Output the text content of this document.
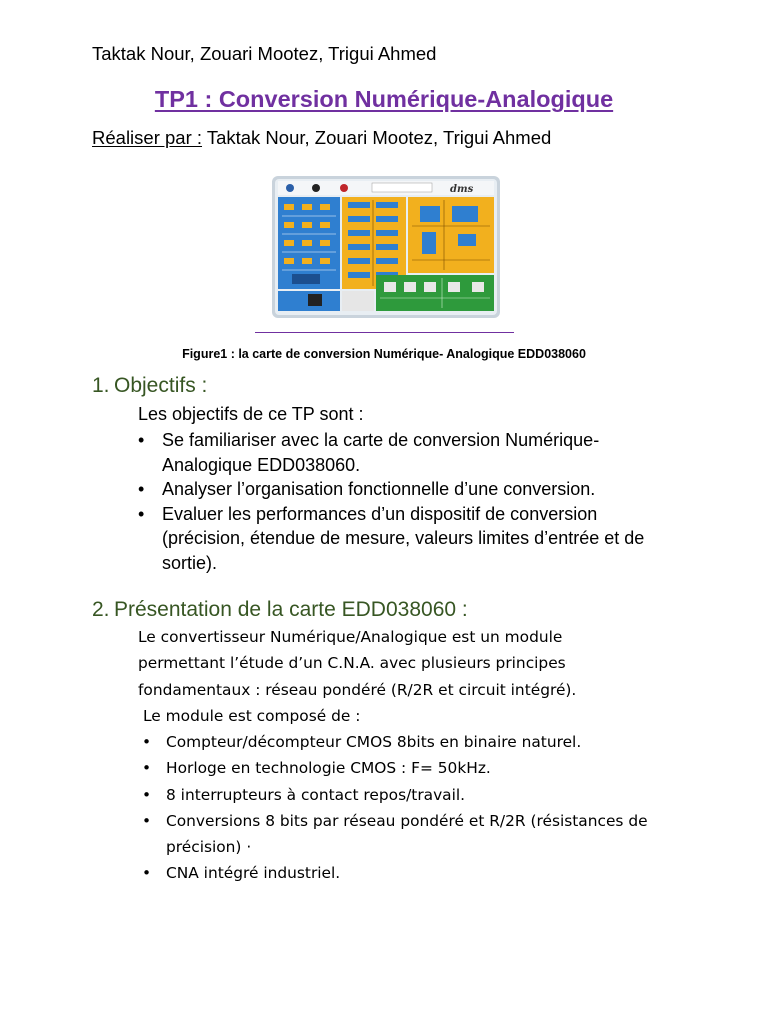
Taktak Nour, Zouari Mootez, Trigui Ahmed
TP1 : Conversion Numérique-Analogique
Réaliser par : Taktak Nour, Zouari Mootez, Trigui Ahmed
dms
Figure1 : la carte de conversion Numérique- Analogique EDD038060
1. Objectifs :
Les objectifs de ce TP sont :
• Se familiariser avec la carte de conversion Numérique-Analogique EDD038060.
• Analyser l’organisation fonctionnelle d’une conversion.
• Evaluer les performances d’un dispositif de conversion (précision, étendue de mesure, valeurs limites d’entrée et de sortie).
2. Présentation de la carte EDD038060 :
Le convertisseur Numérique/Analogique est un module
permettant l’étude d’un C.N.A. avec plusieurs principes
fondamentaux : réseau pondéré (R/2R et circuit intégré).
Le module est composé de :
• Compteur/décompteur CMOS 8bits en binaire naturel.
• Horloge en technologie CMOS : F= 50kHz.
• 8 interrupteurs à contact repos/travail.
• Conversions 8 bits par réseau pondéré et R/2R (résistances de précision) ·
• CNA intégré industriel.
